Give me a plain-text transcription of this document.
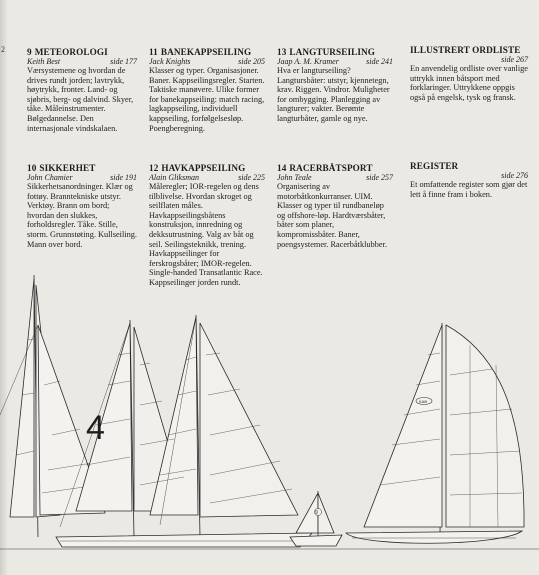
2 9 METEOROLOGI
Keith Best	side 177
Værsystemene og hvordan de drives rundt jorden; lavtrykk, høytrykk, fronter. Land- og sjøbris, berg- og dalvind. Skyer, tåke. Måleinstrumenter. Bølgedannelse. Den internasjonale vindskalaen.
11 BANEKAPPSEILING
Jack Knights	side 205
Klasser og typer. Organisasjoner. Baner. Kappseilingsregler. Starten. Taktiske manøvere. Ulike former for banekappseiling: match racing, lagkappseiling, individuell kappseiling, forfølgelsesløp. Poengberegning.
13 LANGTURSEILING
Jaap A. M. Kramer	side 241
Hva er langturseiling? Langtursbåter: utstyr, kjennetegn, krav. Riggen. Vindror. Muligheter for ombygging. Planlegging av langturer; vakter. Berømte langturbåter, gamle og nye.
ILLUSTRERT ORDLISTE
side 267
En anvendelig ordliste over vanlige uttrykk innen båtsport med forklaringer. Uttrykkene oppgis også på engelsk, tysk og fransk.
10 SIKKERHET
John Chamier	side 191
Sikkerhetsanordninger. Klær og fottøy. Branntekniske utstyr. Verktøy. Brann om bord; hvordan den slukkes, forholdsregler. Tåke. Stille, storm. Grunnstøting. Kullseiling. Mann over bord.
12 HAVKAPPSEILING
Alain Gliksman	side 225
Måleregler; IOR-regelen og dens tilblivelse. Hvordan skroget og seilflaten måles. Havkappseilingsbåtens konstruksjon, innredning og dekksutrustning. Valg av båt og seil. Seilingsteknikk, trening. Havkappseilinger for ferskrogsbåter; IMOR-regelen. Single-handed Transatlantic Race. Kappseilinger jorden rundt.
14 RACERBÅTSPORT
John Teale	side 257
Organisering av motorbåtkonkurranser. UIM. Klasser og typer til rundbaneløp og offshore-løp. Hardtværsbåter, båter som planer, kompromissbåter. Baner, poengsystemer. Racerbåtklubber.
REGISTER
side 276
Et omfattende register som gjør det lett å finne fram i boken.
4
9
KAB
